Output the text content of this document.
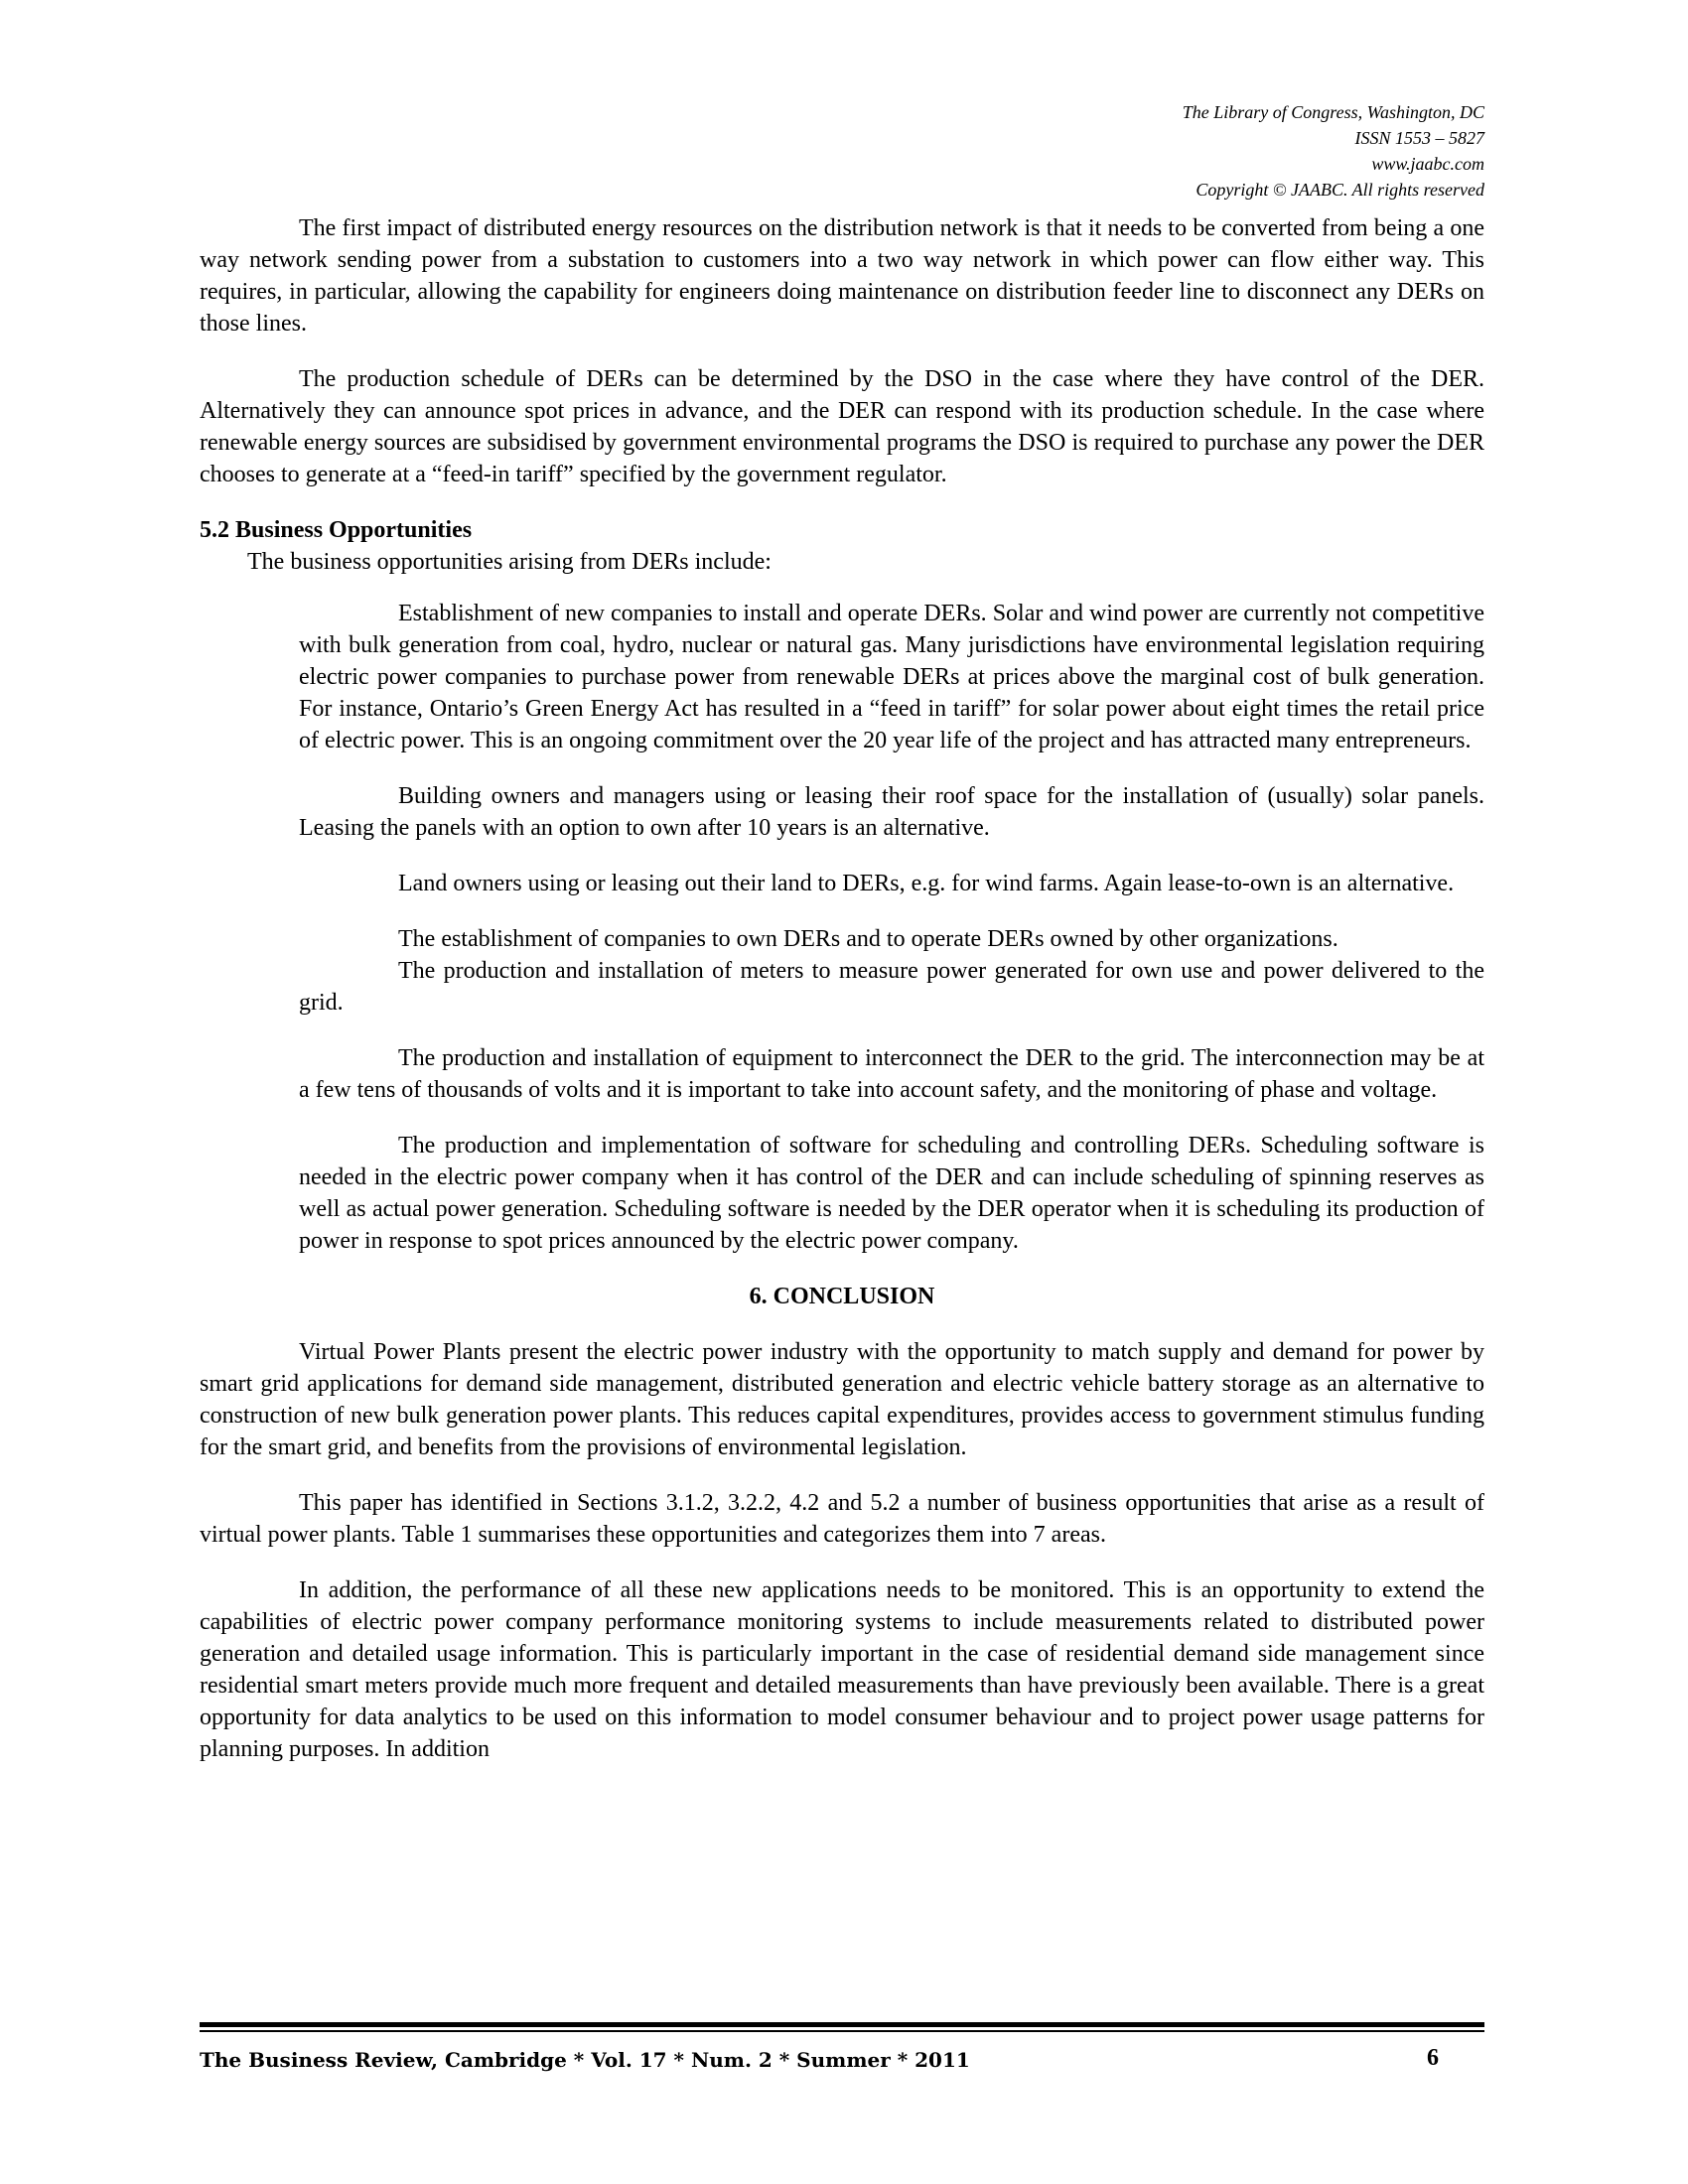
The Library of Congress, Washington, DC
ISSN 1553 – 5827
www.jaabc.com
Copyright © JAABC. All rights reserved

The first impact of distributed energy resources on the distribution network is that it needs to be converted from being a one way network sending power from a substation to customers into a two way network in which power can flow either way. This requires, in particular, allowing the capability for engineers doing maintenance on distribution feeder line to disconnect any DERs on those lines.

The production schedule of DERs can be determined by the DSO in the case where they have control of the DER. Alternatively they can announce spot prices in advance, and the DER can respond with its production schedule. In the case where renewable energy sources are subsidised by government environmental programs the DSO is required to purchase any power the DER chooses to generate at a “feed-in tariff” specified by the government regulator.

5.2 Business Opportunities

The business opportunities arising from DERs include:

Establishment of new companies to install and operate DERs. Solar and wind power are currently not competitive with bulk generation from coal, hydro, nuclear or natural gas. Many jurisdictions have environmental legislation requiring electric power companies to purchase power from renewable DERs at prices above the marginal cost of bulk generation. For instance, Ontario’s Green Energy Act has resulted in a “feed in tariff” for solar power about eight times the retail price of electric power. This is an ongoing commitment over the 20 year life of the project and has attracted many entrepreneurs.

Building owners and managers using or leasing their roof space for the installation of (usually) solar panels. Leasing the panels with an option to own after 10 years is an alternative.

Land owners using or leasing out their land to DERs, e.g. for wind farms. Again lease-to-own is an alternative.

The establishment of companies to own DERs and to operate DERs owned by other organizations.

The production and installation of meters to measure power generated for own use and power delivered to the grid.

The production and installation of equipment to interconnect the DER to the grid. The interconnection may be at a few tens of thousands of volts and it is important to take into account safety, and the monitoring of phase and voltage.

The production and implementation of software for scheduling and controlling DERs. Scheduling software is needed in the electric power company when it has control of the DER and can include scheduling of spinning reserves as well as actual power generation. Scheduling software is needed by the DER operator when it is scheduling its production of power in response to spot prices announced by the electric power company.

6. CONCLUSION

Virtual Power Plants present the electric power industry with the opportunity to match supply and demand for power by smart grid applications for demand side management, distributed generation and electric vehicle battery storage as an alternative to construction of new bulk generation power plants. This reduces capital expenditures, provides access to government stimulus funding for the smart grid, and benefits from the provisions of environmental legislation.

This paper has identified in Sections 3.1.2, 3.2.2, 4.2 and 5.2 a number of business opportunities that arise as a result of virtual power plants. Table 1 summarises these opportunities and categorizes them into 7 areas.

In addition, the performance of all these new applications needs to be monitored. This is an opportunity to extend the capabilities of electric power company performance monitoring systems to include measurements related to distributed power generation and detailed usage information. This is particularly important in the case of residential demand side management since residential smart meters provide much more frequent and detailed measurements than have previously been available. There is a great opportunity for data analytics to be used on this information to model consumer behaviour and to project power usage patterns for planning purposes. In addition

The Business Review, Cambridge * Vol. 17 * Num. 2 * Summer * 2011	6
